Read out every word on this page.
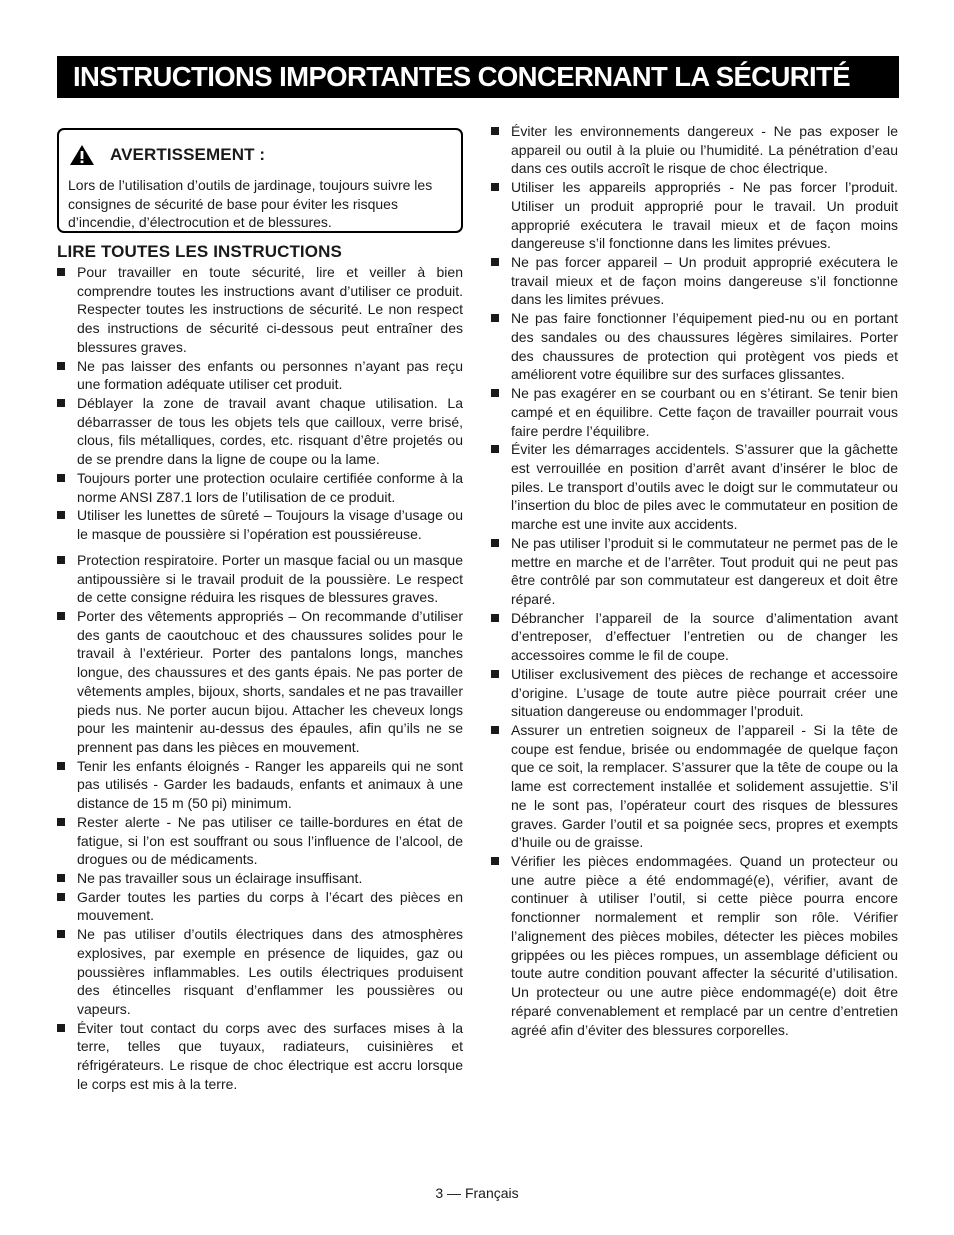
INSTRUCTIONS IMPORTANTES CONCERNANT LA SÉCURITÉ
AVERTISSEMENT :

Lors de l’utilisation d’outils de jardinage, toujours suivre les consignes de sécurité de base pour éviter les risques d’incendie, d’électrocution et de blessures.

LIRE TOUTES LES INSTRUCTIONS
Pour travailler en toute sécurité, lire et veiller à bien comprendre toutes les instructions avant d’utiliser ce produit. Respecter toutes les instructions de sécurité. Le non respect des instructions de sécurité ci-dessous peut entraîner des blessures graves.
Ne pas laisser des enfants ou personnes n’ayant pas reçu une formation adéquate utiliser cet produit.
Déblayer la zone de travail avant chaque utilisation. La débarrasser de tous les objets tels que cailloux, verre brisé, clous, fils métalliques, cordes, etc. risquant d’être projetés ou de se prendre dans la ligne de coupe ou la lame.
Toujours porter une protection oculaire certifiée conforme à la norme ANSI Z87.1 lors de l’utilisation de ce produit.
Utiliser les lunettes de sûreté – Toujours la visage d’usage ou le masque de poussière si l’opération est poussiéreuse.
Protection respiratoire. Porter un masque facial ou un masque antipoussière si le travail produit de la poussière. Le respect de cette consigne réduira les risques de blessures graves.
Porter des vêtements appropriés – On recommande d’utiliser des gants de caoutchouc et des chaussures solides pour le travail à l’extérieur. Porter des pantalons longs, manches longue, des chaussures et des gants épais. Ne pas porter de vêtements amples, bijoux, shorts, sandales et ne pas travailler pieds nus. Ne porter aucun bijou. Attacher les cheveux longs pour les maintenir au-dessus des épaules, afin qu’ils ne se prennent pas dans les pièces en mouvement.
Tenir les enfants éloignés - Ranger les appareils qui ne sont pas utilisés - Garder les badauds, enfants et animaux à une distance de 15 m (50 pi) minimum.
Rester alerte - Ne pas utiliser ce taille-bordures en état de fatigue, si l’on est souffrant ou sous l’influence de l’alcool, de drogues ou de médicaments.
Ne pas travailler sous un éclairage insuffisant.
Garder toutes les parties du corps à l’écart des pièces en mouvement.
Ne pas utiliser d’outils électriques dans des atmosphères explosives, par exemple en présence de liquides, gaz ou poussières inflammables. Les outils électriques produisent des étincelles risquant d’enflammer les poussières ou vapeurs.
Éviter tout contact du corps avec des surfaces mises à la terre, telles que tuyaux, radiateurs, cuisinières et réfrigérateurs. Le risque de choc électrique est accru lorsque le corps est mis à la terre.
Éviter les environnements dangereux - Ne pas exposer le appareil ou outil à la pluie ou l’humidité. La pénétration d’eau dans ces outils accroît le risque de choc électrique.
Utiliser les appareils appropriés - Ne pas forcer l’produit. Utiliser un produit approprié pour le travail. Un produit approprié exécutera le travail mieux et de façon moins dangereuse s’il fonctionne dans les limites prévues.
Ne pas forcer appareil – Un produit approprié exécutera le travail mieux et de façon moins dangereuse s’il fonctionne dans les limites prévues.
Ne pas faire fonctionner l’équipement pied-nu ou en portant des sandales ou des chaussures légères similaires. Porter des chaussures de protection qui protègent vos pieds et améliorent votre équilibre sur des surfaces glissantes.
Ne pas exagérer en se courbant ou en s’étirant. Se tenir bien campé et en équilibre. Cette façon de travailler pourrait vous faire perdre l’équilibre.
Éviter les démarrages accidentels. S’assurer que la gâchette est verrouillée en position d’arrêt avant d’insérer le bloc de piles. Le transport d’outils avec le doigt sur le commutateur ou l’insertion du bloc de piles avec le commutateur en position de marche est une invite aux accidents.
Ne pas utiliser l’produit si le commutateur ne permet pas de le mettre en marche et de l’arrêter. Tout produit qui ne peut pas être contrôlé par son commutateur est dangereux et doit être réparé.
Débrancher l’appareil de la source d’alimentation avant d’entreposer, d’effectuer l’entretien ou de changer les accessoires comme le fil de coupe.
Utiliser exclusivement des pièces de rechange et accessoire d’origine. L’usage de toute autre pièce pourrait créer une situation dangereuse ou endommager l’produit.
Assurer un entretien soigneux de l’appareil - Si la tête de coupe est fendue, brisée ou endommagée de quelque façon que ce soit, la remplacer. S’assurer que la tête de coupe ou la lame est correctement installée et solidement assujettie. S’il ne le sont pas, l’opérateur court des risques de blessures graves. Garder l’outil et sa poignée secs, propres et exempts d’huile ou de graisse.
Vérifier les pièces endommagées. Quand un protecteur ou une autre pièce a été endommagé(e), vérifier, avant de continuer à utiliser l’outil, si cette pièce pourra encore fonctionner normalement et remplir son rôle. Vérifier l’alignement des pièces mobiles, détecter les pièces mobiles grippées ou les pièces rompues, un assemblage déficient ou toute autre condition pouvant affecter la sécurité d’utilisation. Un protecteur ou une autre pièce endommagé(e) doit être réparé convenablement et remplacé par un centre d’entretien agréé afin d’éviter des blessures corporelles.
3 — Français
